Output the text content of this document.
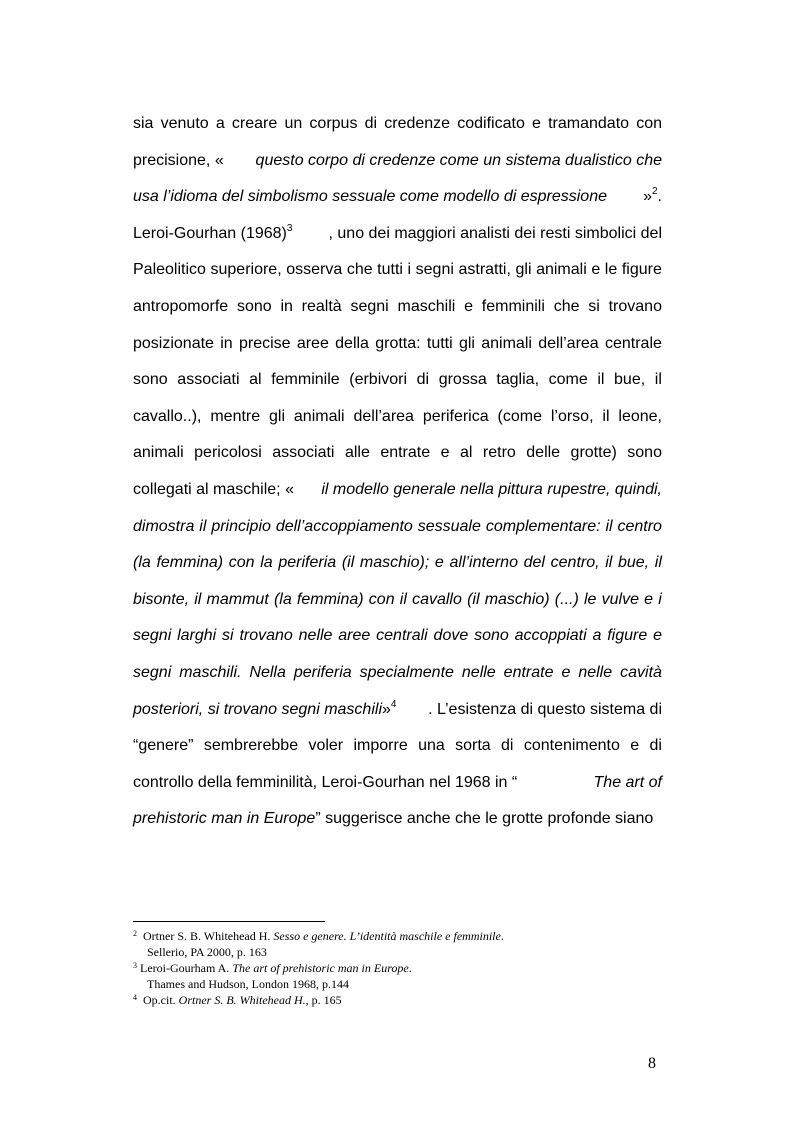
sia venuto a creare un corpus di credenze codificato e tramandato con
precisione, « questo corpo di credenze come un sistema dualistico che
usa l’idioma del simbolismo sessuale come modello di espressione »$^2$.
Leroi-Gourhan $(1968)^3$ , uno dei maggiori analisti dei resti simbolici del
Paleolitico superiore, osserva che tutti i segni astratti, gli animali e le figure
antropomorfe sono in realtà segni maschili e femminili che si trovano
posizionate in precise aree della grotta: tutti gli animali dell’area centrale
sono associati al femminile (erbivori di grossa taglia, come il bue, il
cavallo..), mentre gli animali dell’area periferica (come l’orso, il leone,
animali pericolosi associati alle entrate e al retro delle grotte) sono
collegati al maschile; « il modello generale nella pittura rupestre, quindi,
dimostra il principio dell’accoppiamento sessuale complementare: il centro
(la femmina) con la periferia (il maschio); e all’interno del centro, il bue, il
bisonte, il mammut (la femmina) con il cavallo (il maschio) (...) le vulve e i
segni larghi si trovano nelle aree centrali dove sono accoppiati a figure e
segni maschili. Nella periferia specialmente nelle entrate e nelle cavità
posteriori, si trovano segni maschili»$^4$ . L’esistenza di questo sistema di
“genere” sembrerebbe voler imporre una sorta di contenimento e di
controllo della femminilità, Leroi-Gourhan nel 1968 in “	The art of
prehistoric man in Europe ” suggerisce anche che le grotte profonde siano
$^2$ Ortner S. B. Whitehead H. Sesso e genere. L’identità maschile e femminile.
Sellerio, PA 2000, p. 163
$^3$ Leroi-Gourham A. The art of prehistoric man in Europe.
Thames and Hudson, London 1968, p.144
$^4$ Op.cit. Ortner S. B. Whitehead H., p. 165
8
